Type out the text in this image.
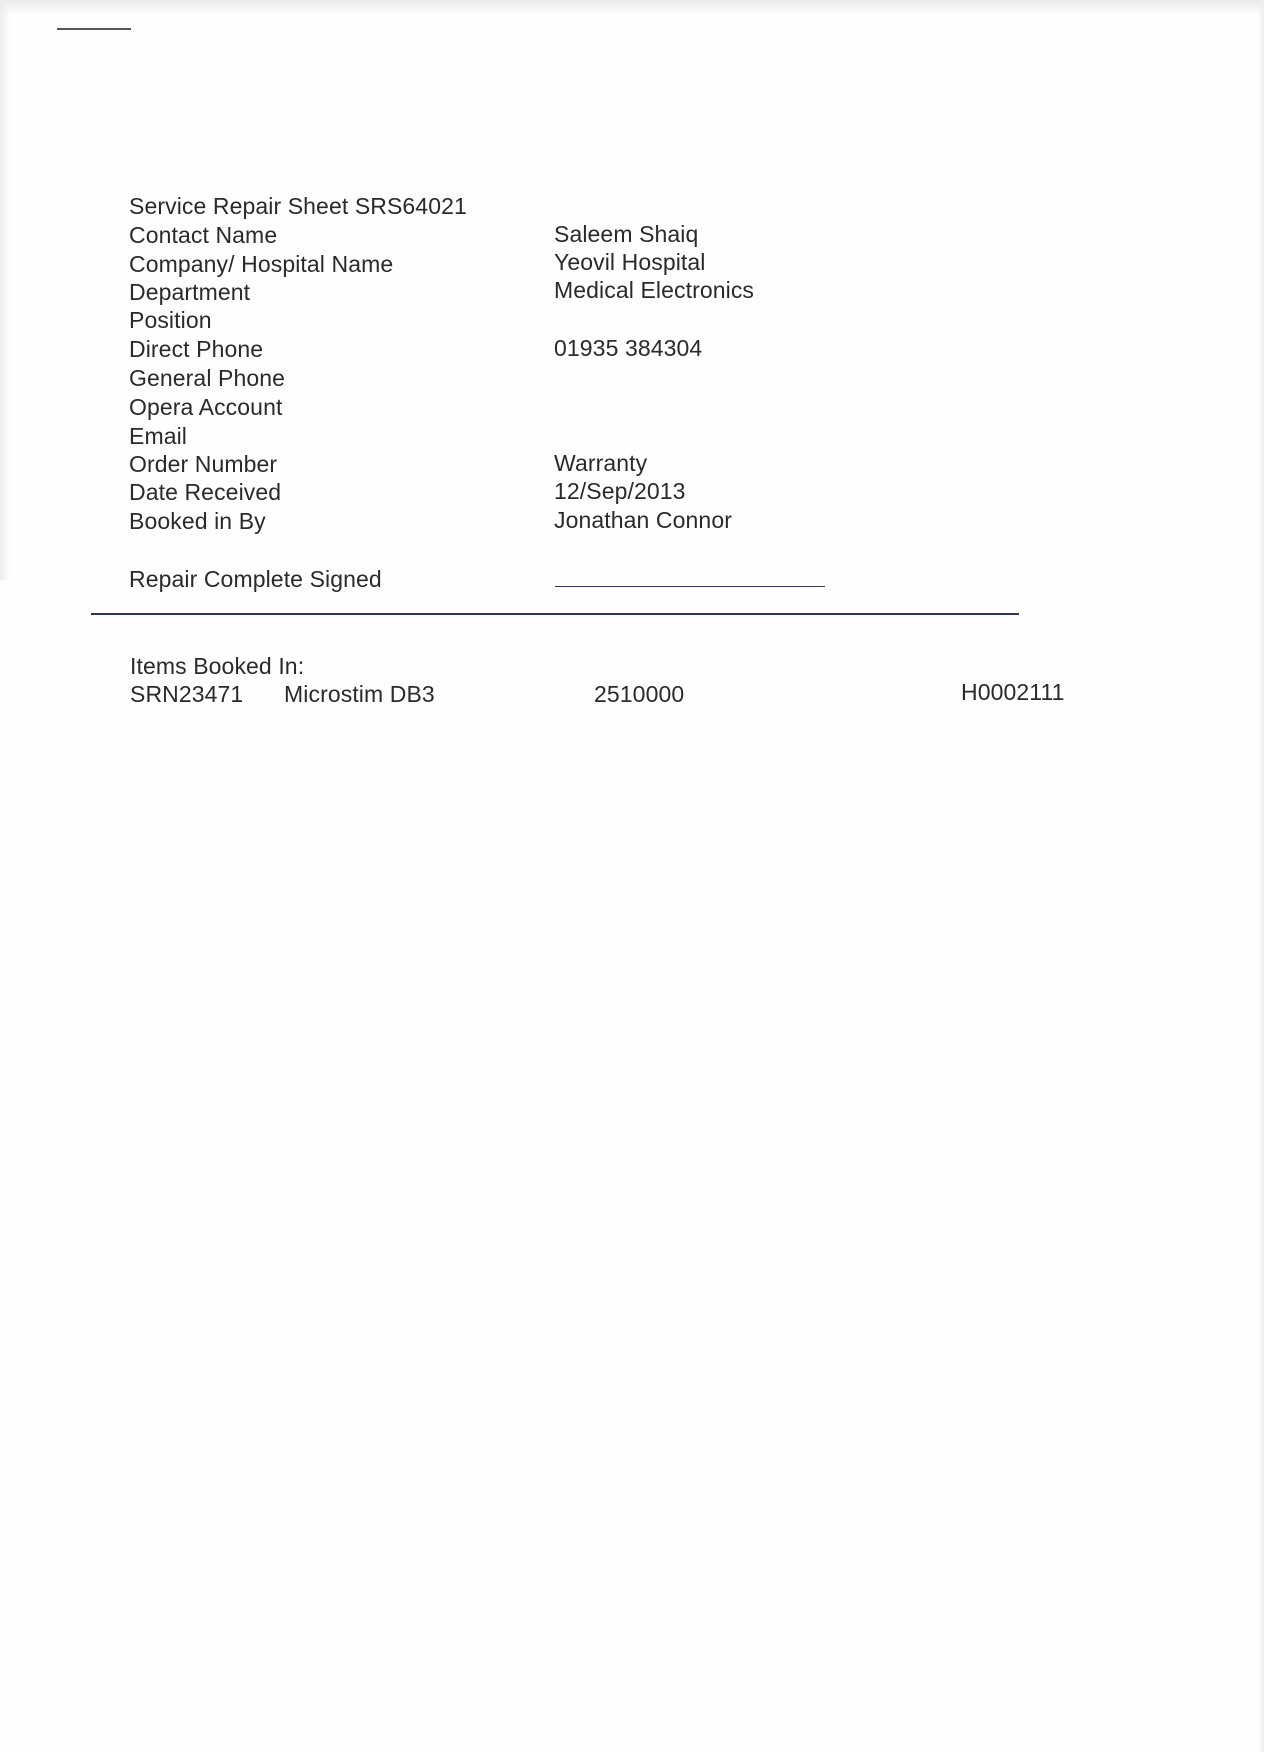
Service Repair Sheet SRS64021
Contact Name
Company/ Hospital Name
Department
Position
Direct Phone
General Phone
Opera Account
Email
Order Number
Date Received
Booked in By
Saleem Shaiq
Yeovil Hospital
Medical Electronics
01935 384304
Warranty
12/Sep/2013
Jonathan Connor
Repair Complete Signed
Items Booked In:
SRN23471 Microstim DB3	2510000	H0002111
